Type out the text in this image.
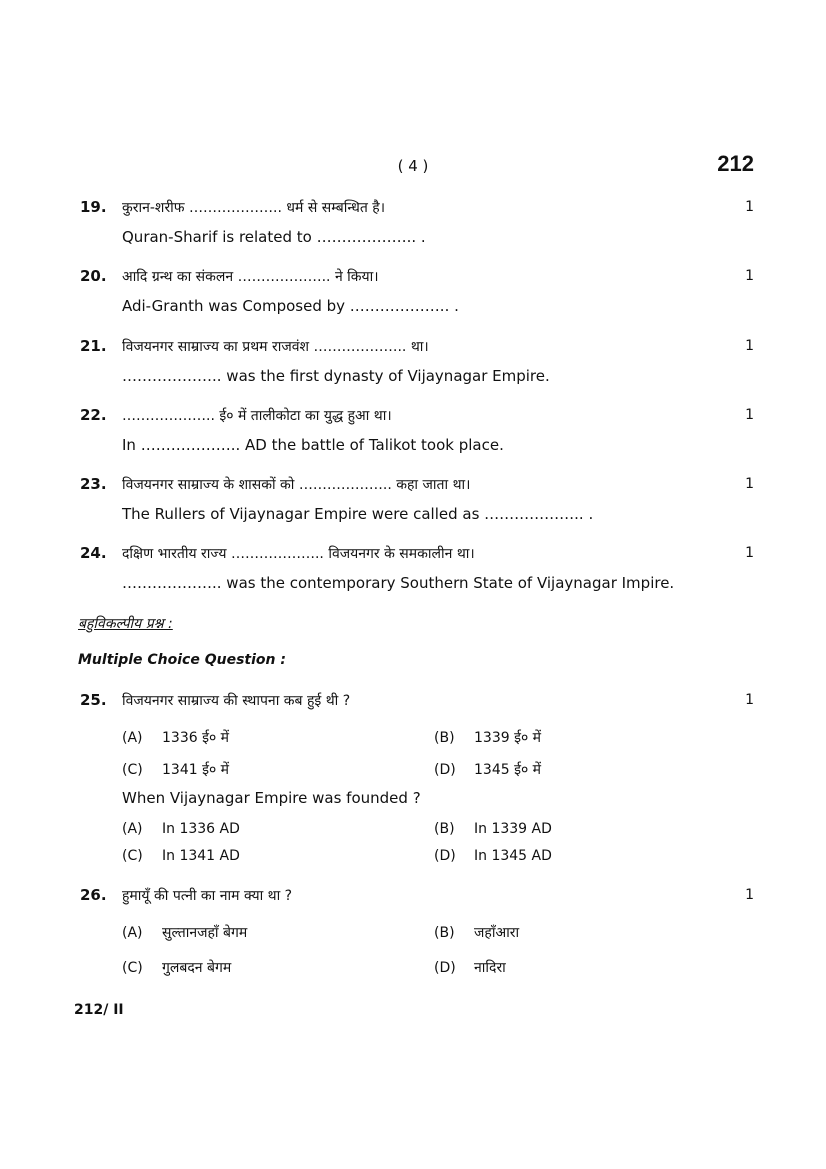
( 4 )	212
19. कुरान-शरीफ ……………….. धर्म से सम्बन्धित है।
Quran-Sharif is related to ……………….. .
1
20. आदि ग्रन्थ का संकलन ……………….. ने किया।
Adi-Granth was Composed by ……………….. .
1
21. विजयनगर साम्राज्य का प्रथम राजवंश ……………….. था।
……………….. was the first dynasty of Vijaynagar Empire.
1
22. ……………….. ई० में तालीकोटा का युद्ध हुआ था।
In ……………….. AD the battle of Talikot took place.
1
23. विजयनगर साम्राज्य के शासकों को ……………….. कहा जाता था।
The Rullers of Vijaynagar Empire were called as ……………….. .
1
24. दक्षिण भारतीय राज्य ……………….. विजयनगर के समकालीन था।
……………….. was the contemporary Southern State of Vijaynagar Impire.
1
बहुविकल्पीय प्रश्न :
Multiple Choice Question :
25. विजयनगर साम्राज्य की स्थापना कब हुई थी ?	1
(A) 1336 ई० में	(B) 1339 ई० में
(C) 1341 ई० में	(D) 1345 ई० में
When Vijaynagar Empire was founded ?
(A) In 1336 AD	(B) In 1339 AD
(C) In 1341 AD	(D) In 1345 AD
26. हुमायूँ की पत्नी का नाम क्या था ?	1
(A) सुल्तानजहाँ बेगम	(B) जहाँआरा
(C) गुलबदन बेगम	(D) नादिरा
212/ II
